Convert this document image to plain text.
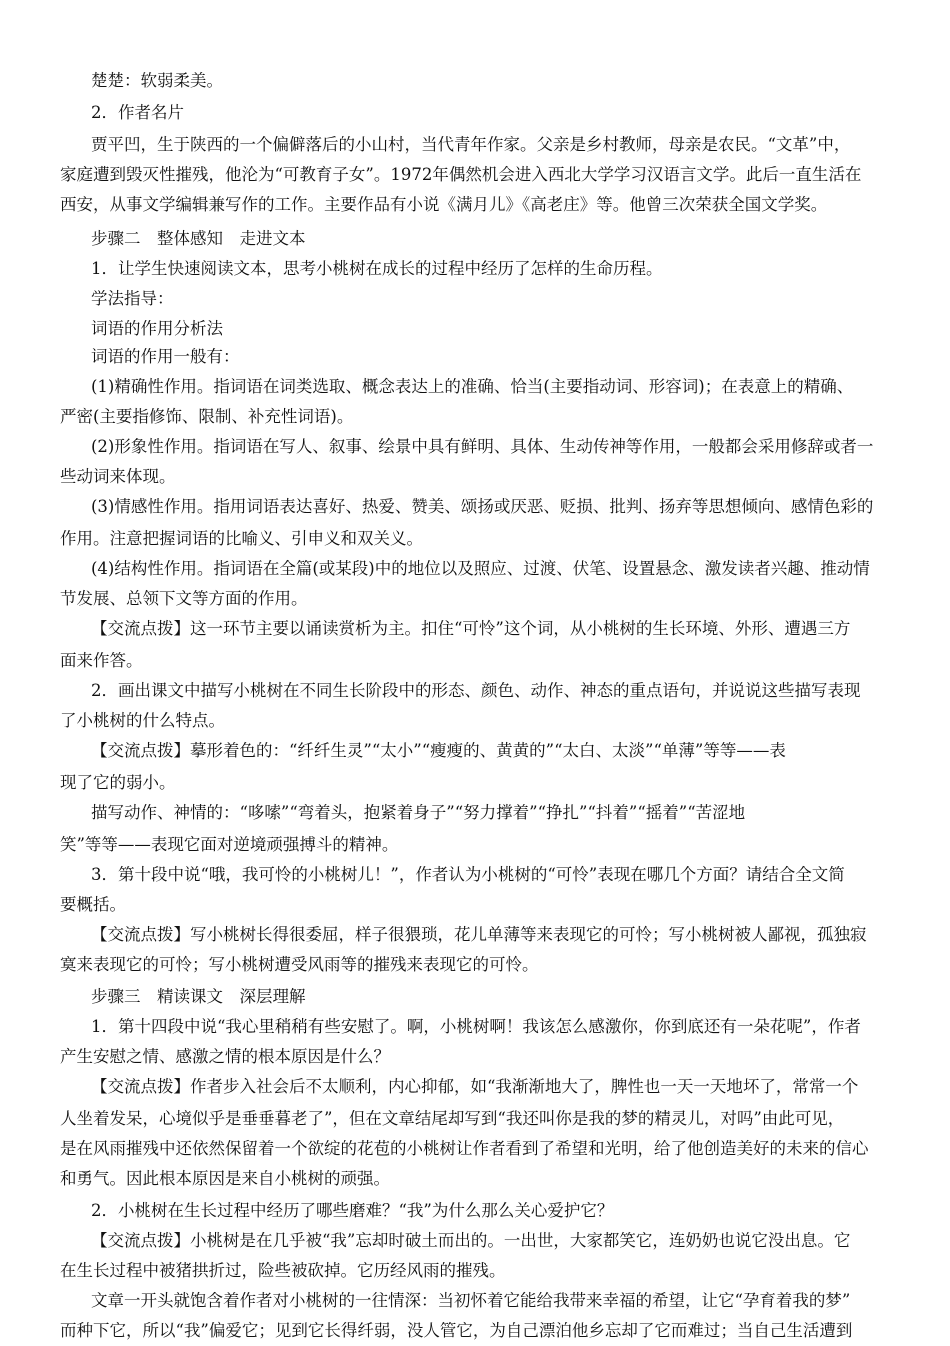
楚楚：软弱柔美。
2．作者名片
贾平凹，生于陕西的一个偏僻落后的小山村，当代青年作家。父亲是乡村教师，母亲是农民。“文革”中，
家庭遭到毁灭性摧残，他沦为“可教育子女”。1972年偶然机会进入西北大学学习汉语言文学。此后一直生活在
西安，从事文学编辑兼写作的工作。主要作品有小说《满月儿》《高老庄》等。他曾三次荣获全国文学奖。
步骤二　整体感知　走进文本
1．让学生快速阅读文本，思考小桃树在成长的过程中经历了怎样的生命历程。
学法指导：
词语的作用分析法
词语的作用一般有：
(1)精确性作用。指词语在词类选取、概念表达上的准确、恰当(主要指动词、形容词)；在表意上的精确、
严密(主要指修饰、限制、补充性词语)。
(2)形象性作用。指词语在写人、叙事、绘景中具有鲜明、具体、生动传神等作用，一般都会采用修辞或者一
些动词来体现。
(3)情感性作用。指用词语表达喜好、热爱、赞美、颂扬或厌恶、贬损、批判、扬弃等思想倾向、感情色彩的
作用。注意把握词语的比喻义、引申义和双关义。
(4)结构性作用。指词语在全篇(或某段)中的地位以及照应、过渡、伏笔、设置悬念、激发读者兴趣、推动情
节发展、总领下文等方面的作用。
【交流点拨】这一环节主要以诵读赏析为主。扣住“可怜”这个词，从小桃树的生长环境、外形、遭遇三方
面来作答。
2．画出课文中描写小桃树在不同生长阶段中的形态、颜色、动作、神态的重点语句，并说说这些描写表现
了小桃树的什么特点。
【交流点拨】摹形着色的：“纤纤生灵”“太小”“瘦瘦的、黄黄的”“太白、太淡”“单薄”等等——表
现了它的弱小。
描写动作、神情的：“哆嗦”“弯着头，抱紧着身子”“努力撑着”“挣扎”“抖着”“摇着”“苦涩地
笑”等等——表现它面对逆境顽强搏斗的精神。
3．第十段中说“哦，我可怜的小桃树儿！”，作者认为小桃树的“可怜”表现在哪几个方面？请结合全文简
要概括。
【交流点拨】写小桃树长得很委屈，样子很猥琐，花儿单薄等来表现它的可怜；写小桃树被人鄙视，孤独寂
寞来表现它的可怜；写小桃树遭受风雨等的摧残来表现它的可怜。
步骤三　精读课文　深层理解
1．第十四段中说“我心里稍稍有些安慰了。啊，小桃树啊！我该怎么感激你，你到底还有一朵花呢”，作者
产生安慰之情、感激之情的根本原因是什么？
【交流点拨】作者步入社会后不太顺利，内心抑郁，如“我渐渐地大了，脾性也一天一天地坏了，常常一个
人坐着发呆，心境似乎是垂垂暮老了”，但在文章结尾却写到“我还叫你是我的梦的精灵儿，对吗”由此可见，
是在风雨摧残中还依然保留着一个欲绽的花苞的小桃树让作者看到了希望和光明，给了他创造美好的未来的信心
和勇气。因此根本原因是来自小桃树的顽强。
2．小桃树在生长过程中经历了哪些磨难？“我”为什么那么关心爱护它？
【交流点拨】小桃树是在几乎被“我”忘却时破土而出的。一出世，大家都笑它，连奶奶也说它没出息。它
在生长过程中被猪拱折过，险些被砍掉。它历经风雨的摧残。
文章一开头就饱含着作者对小桃树的一往情深：当初怀着它能给我带来幸福的希望，让它“孕育着我的梦”
而种下它，所以“我”偏爱它；见到它长得纤弱，没人管它，为自己漂泊他乡忘却了它而难过；当自己生活遭到
